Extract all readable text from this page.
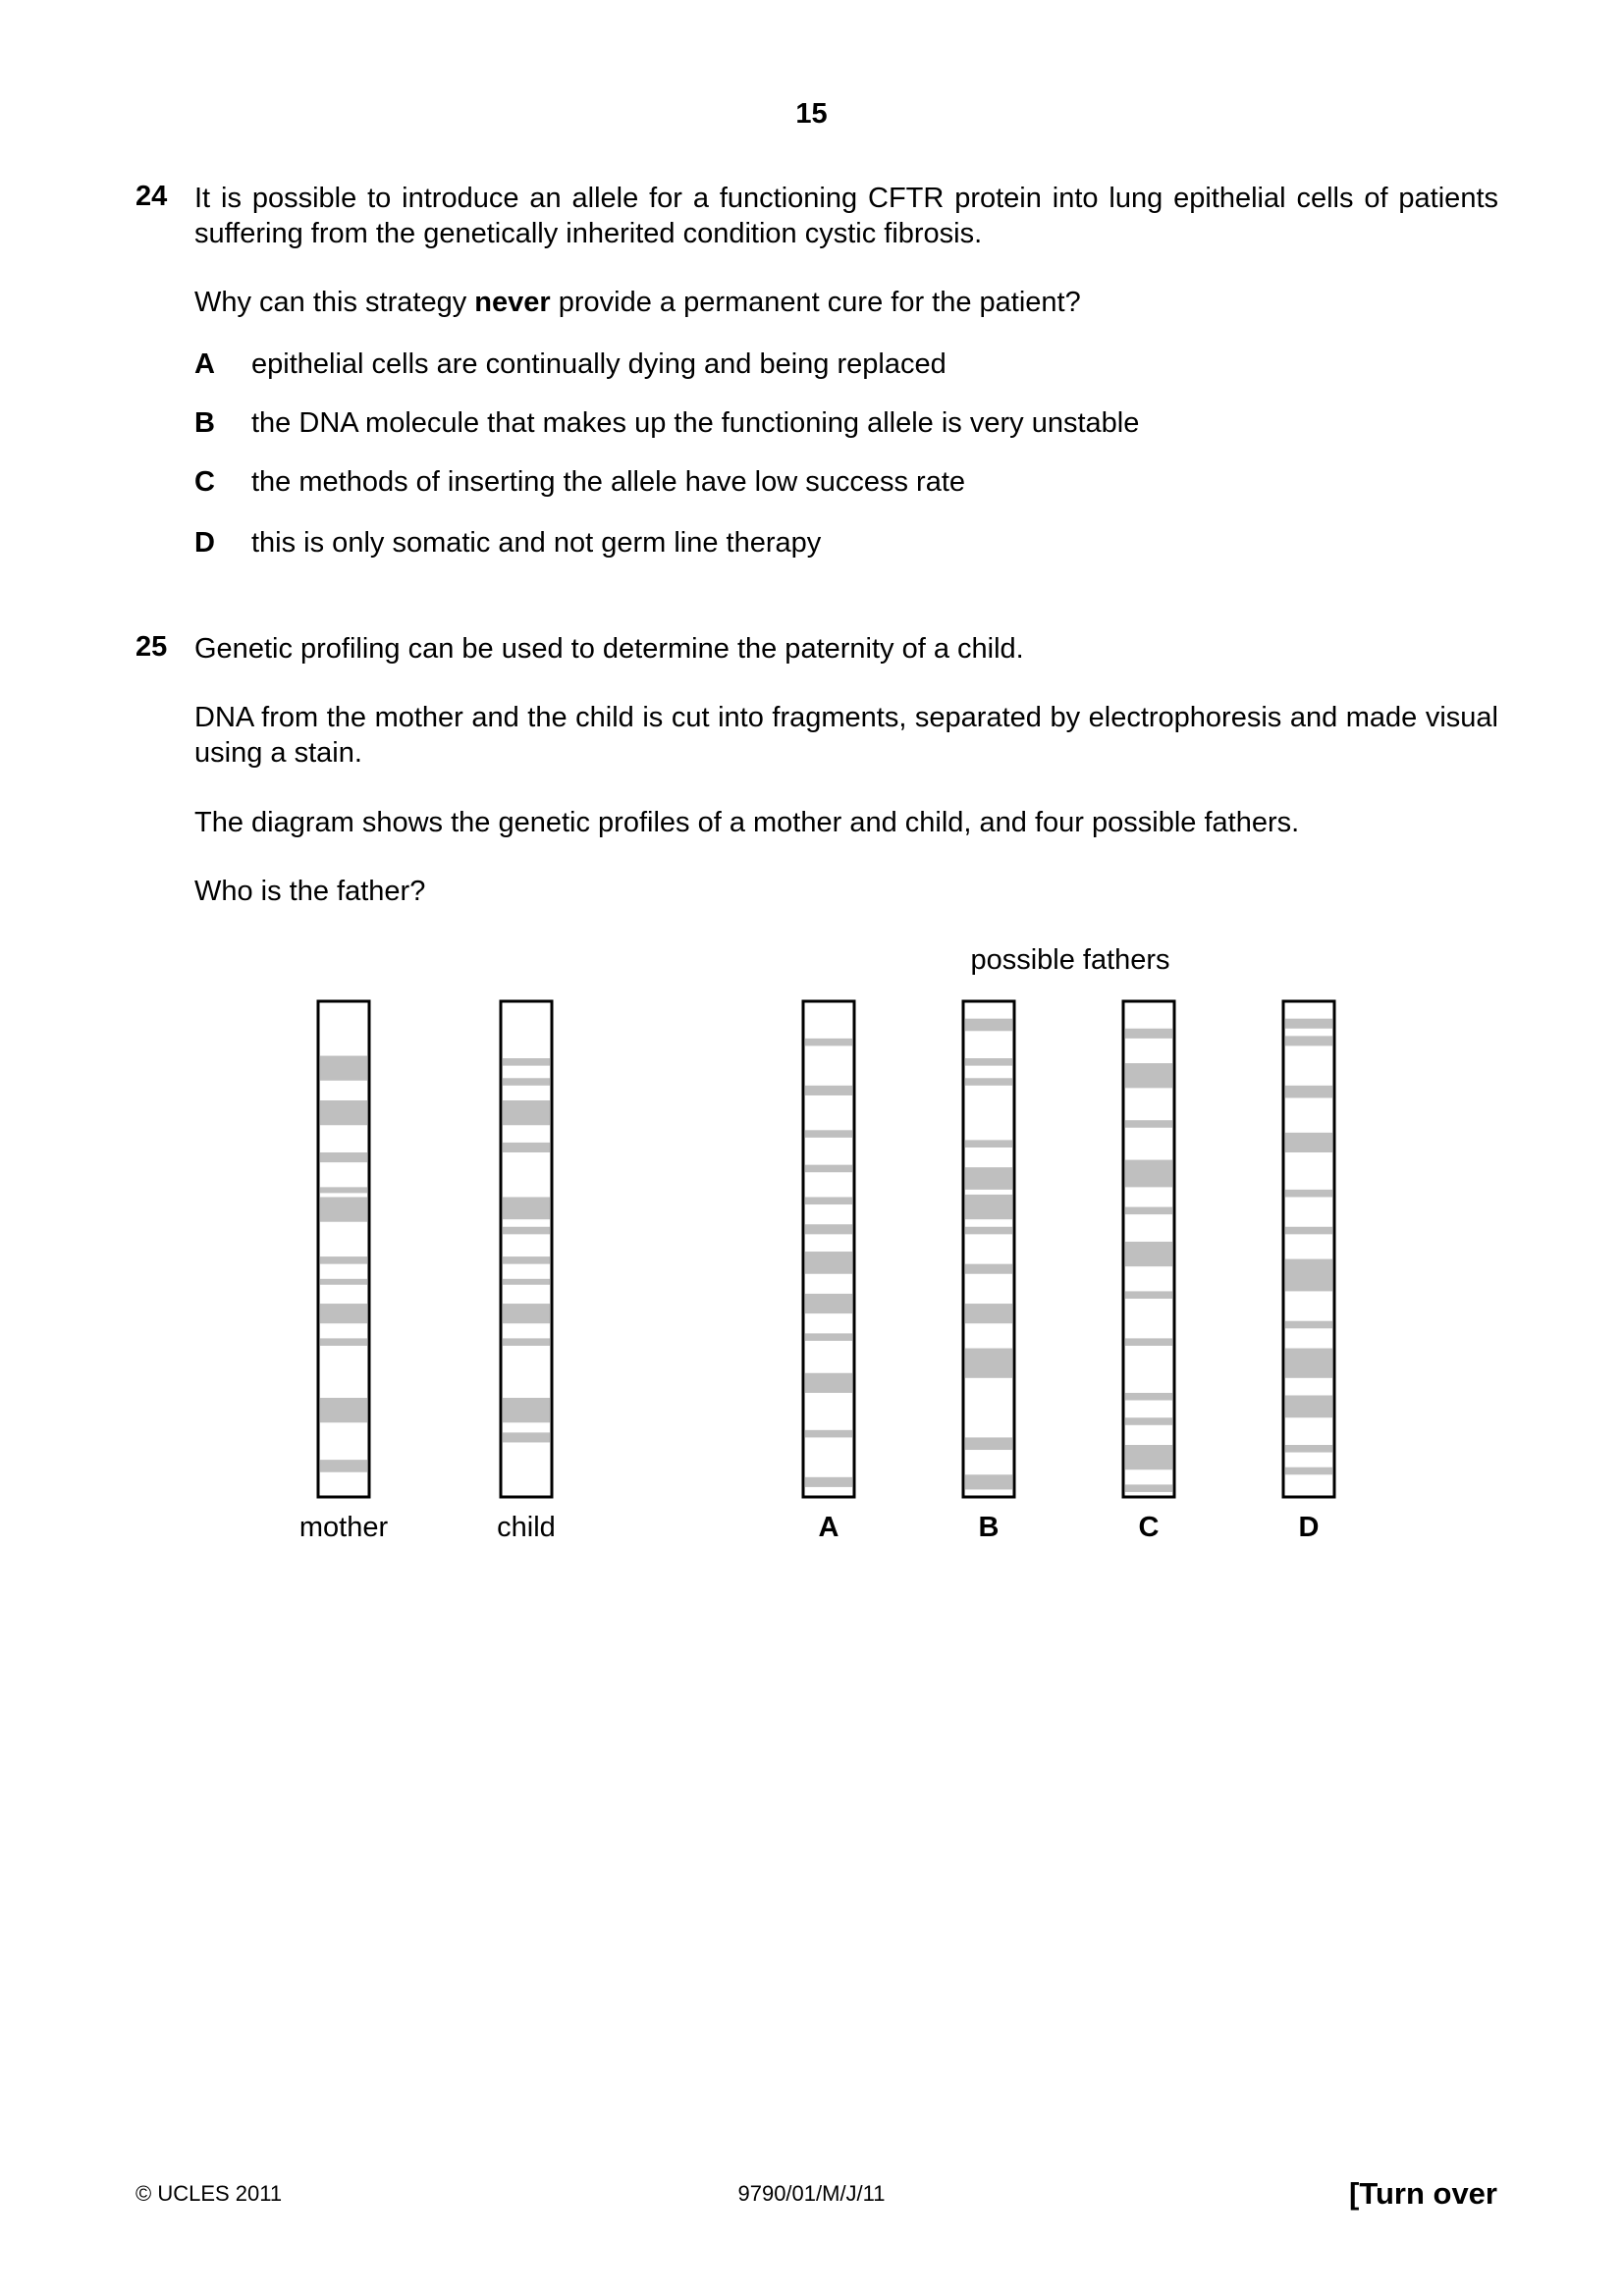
15
24 It is possible to introduce an allele for a functioning CFTR protein into lung epithelial cells of patients suffering from the genetically inherited condition cystic fibrosis.
Why can this strategy never provide a permanent cure for the patient?
A epithelial cells are continually dying and being replaced
B the DNA molecule that makes up the functioning allele is very unstable
C the methods of inserting the allele have low success rate
D this is only somatic and not germ line therapy
25 Genetic profiling can be used to determine the paternity of a child.
DNA from the mother and the child is cut into fragments, separated by electrophoresis and made visual using a stain.
The diagram shows the genetic profiles of a mother and child, and four possible fathers.
Who is the father?
possible fathers
mother	child	A	B	C	D
© UCLES 2011	9790/01/M/J/11	[Turn over
